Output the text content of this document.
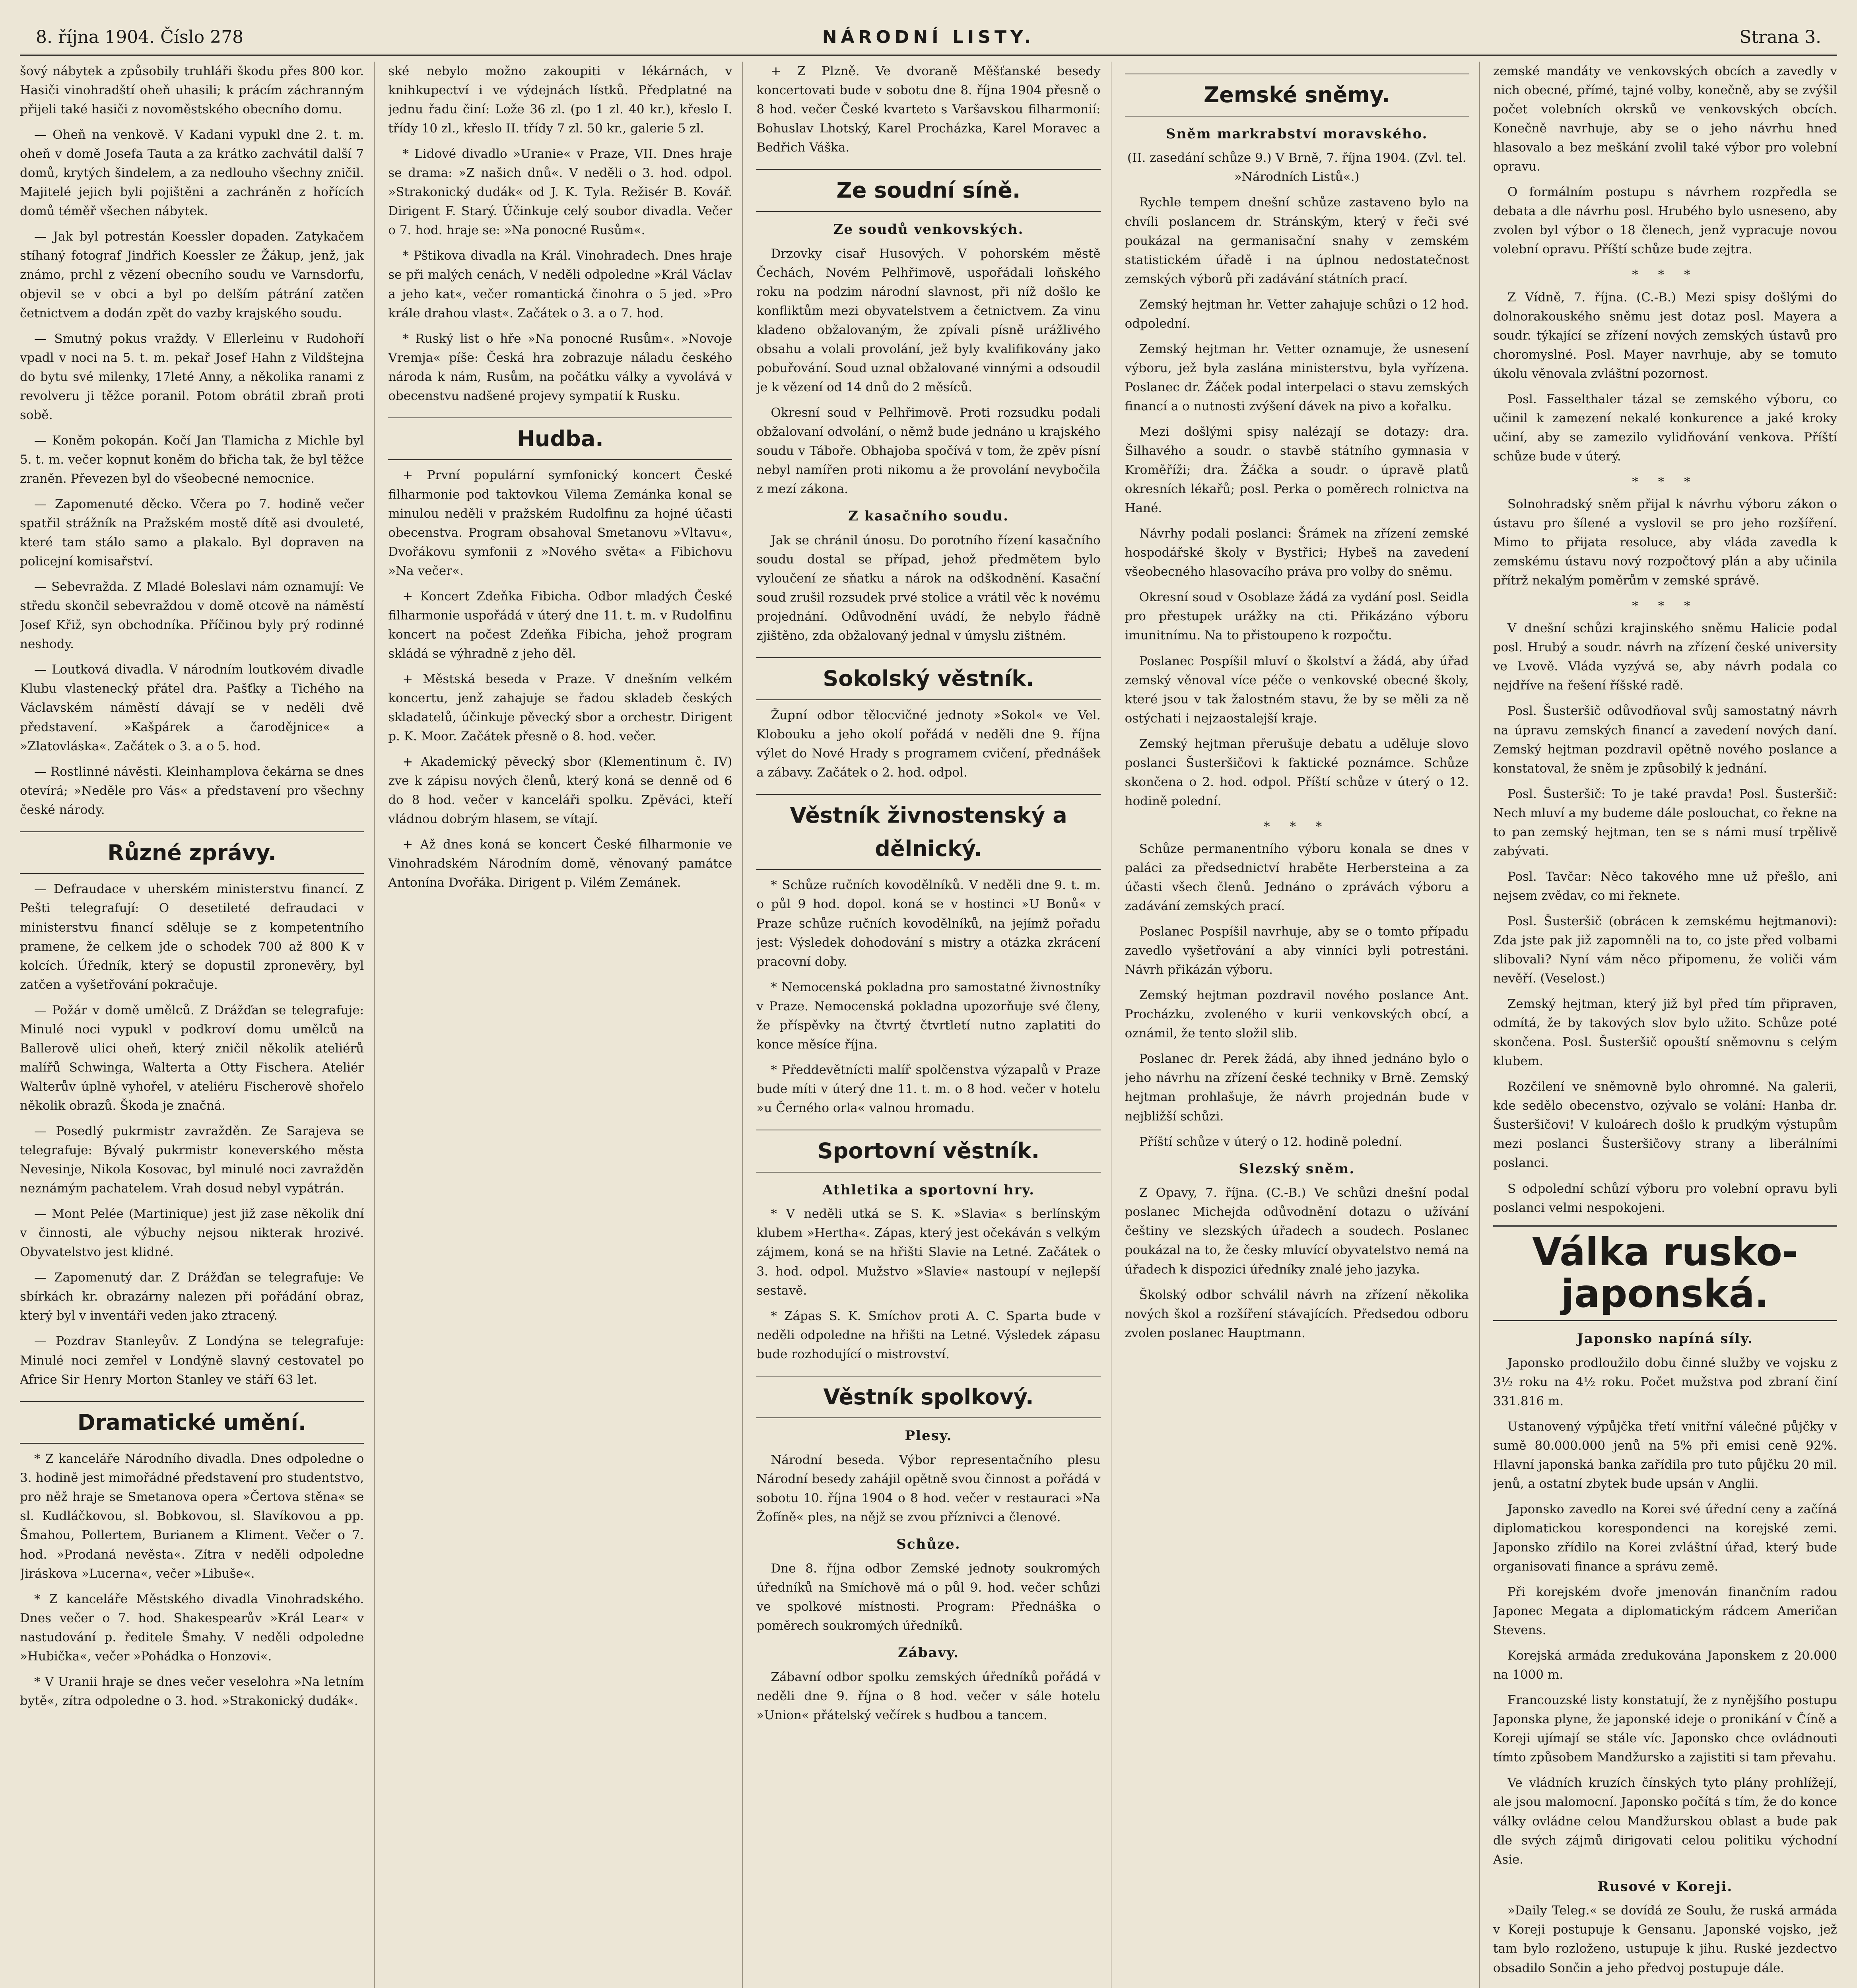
8. října 1904. Číslo 278	NÁRODNÍ LISTY.	Strana 3.

šový nábytek a způsobily truhláři škodu přes 800 kor. Hasiči vinohradští oheň uhasili; k prácím záchranným přijeli také hasiči z novoměstského obecního domu.

— Oheň na venkově. V Kadani vypukl dne 2. t. m. oheň v domě Josefa Tauta a za krátko zachvátil další 7 domů, krytých šindelem, a za nedlouho všechny zničil. Majitelé jejich byli pojištěni a zachráněn z hořících domů téměř všechen nábytek.

— Jak byl potrestán Koessler dopaden. Zatykačem stíhaný fotograf Jindřich Koessler ze Žákup, jenž, jak známo, prchl z vězení obecního soudu ve Varnsdorfu, objevil se v obci a byl po delším pátrání zatčen četnictvem a dodán zpět do vazby krajského soudu.

— Smutný pokus vraždy. V Ellerleinu v Rudohoří vpadl v noci na 5. t. m. pekař Josef Hahn z Vildštejna do bytu své milenky, 17leté Anny, a několika ranami z revolveru ji těžce poranil. Potom obrátil zbraň proti sobě.

— Koněm pokopán. Kočí Jan Tlamicha z Michle byl 5. t. m. večer kopnut koněm do břicha tak, že byl těžce zraněn. Převezen byl do všeobecné nemocnice.

— Zapomenuté děcko. Včera po 7. hodině večer spatřil strážník na Pražském mostě dítě asi dvouleté, které tam stálo samo a plakalo. Byl dopraven na policejní komisařství.

— Sebevražda. Z Mladé Boleslavi nám oznamují: Ve středu skončil sebevraždou v domě otcově na náměstí Josef Křiž, syn obchodníka. Příčinou byly prý rodinné neshody.

— Loutková divadla. V národním loutkovém divadle Klubu vlastenecký přátel dra. Pašťky a Tichého na Václavském náměstí dávají se v neděli dvě představení. »Kašpárek a čarodějnice« a »Zlatovláska«. Začátek o 3. a o 5. hod.

— Rostlinné návěsti. Kleinhamplova čekárna se dnes otevírá; »Neděle pro Vás« a představení pro všechny české národy.

Různé zprávy.

— Defraudace v uherském ministerstvu financí. Z Pešti telegrafují: O desetileté defraudaci v ministerstvu financí sděluje se z kompetentního pramene, že celkem jde o schodek 700 až 800 K v kolcích. Úředník, který se dopustil zpronevěry, byl zatčen a vyšetřování pokračuje.

— Požár v domě umělců. Z Drážďan se telegrafuje: Minulé noci vypukl v podkroví domu umělců na Ballerově ulici oheň, který zničil několik ateliérů malířů Schwinga, Walterta a Otty Fischera. Ateliér Walterův úplně vyhořel, v ateliéru Fischerově shořelo několik obrazů. Škoda je značná.

— Posedlý pukrmistr zavražděn. Ze Sarajeva se telegrafuje: Bývalý pukrmistr koneverského města Nevesinje, Nikola Kosovac, byl minulé noci zavražděn neznámým pachatelem. Vrah dosud nebyl vypátrán.

— Mont Pelée (Martinique) jest již zase několik dní v činnosti, ale výbuchy nejsou nikterak hrozivé. Obyvatelstvo jest klidné.

— Zapomenutý dar. Z Drážďan se telegrafuje: Ve sbírkách kr. obrazárny nalezen při pořádání obraz, který byl v inventáři veden jako ztracený.

— Pozdrav Stanleyův. Z Londýna se telegrafuje: Minulé noci zemřel v Londýně slavný cestovatel po Africe Sir Henry Morton Stanley ve stáří 63 let.

Dramatické umění.

* Z kanceláře Národního divadla. Dnes odpoledne o 3. hodině jest mimořádné představení pro studentstvo, pro něž hraje se Smetanova opera »Čertova stěna« se sl. Kudláčkovou, sl. Bobkovou, sl. Slavíkovou a pp. Šmahou, Pollertem, Burianem a Kliment. Večer o 7. hod. »Prodaná nevěsta«. Zítra v neděli odpoledne Jiráskova »Lucerna«, večer »Libuše«.

* Z kanceláře Městského divadla Vinohradského. Dnes večer o 7. hod. Shakespearův »Král Lear« v nastudování p. ředitele Šmahy. V neděli odpoledne »Hubička«, večer »Pohádka o Honzovi«.

* V Uranii hraje se dnes večer veselohra »Na letním bytě«, zítra odpoledne o 3. hod. »Strakonický dudák«.

ské nebylo možno zakoupiti v lékárnách, v knihkupectví i ve výdejnách lístků. Předplatné na jednu řadu činí: Lože 36 zl. (po 1 zl. 40 kr.), křeslo I. třídy 10 zl., křeslo II. třídy 7 zl. 50 kr., galerie 5 zl.

* Lidové divadlo »Uranie« v Praze, VII. Dnes hraje se drama: »Z našich dnů«. V neděli o 3. hod. odpol. »Strakonický dudák« od J. K. Tyla. Režisér B. Kovář. Dirigent F. Starý. Účinkuje celý soubor divadla. Večer o 7. hod. hraje se: »Na ponocné Rusům«.

* Pštikova divadla na Král. Vinohradech. Dnes hraje se při malých cenách, V neděli odpoledne »Král Václav a jeho kat«, večer romantická činohra o 5 jed. »Pro krále drahou vlast«. Začátek o 3. a o 7. hod.

* Ruský list o hře »Na ponocné Rusům«. »Novoje Vremja« píše: Česká hra zobrazuje náladu českého národa k nám, Rusům, na počátku války a vyvolává v obecenstvu nadšené projevy sympatií k Rusku.

Hudba.

+ První populární symfonický koncert České filharmonie pod taktovkou Vilema Zemánka konal se minulou neděli v pražském Rudolfinu za hojné účasti obecenstva. Program obsahoval Smetanovu »Vltavu«, Dvořákovu symfonii z »Nového světa« a Fibichovu »Na večer«.

+ Koncert Zdeňka Fibicha. Odbor mladých České filharmonie uspořádá v úterý dne 11. t. m. v Rudolfinu koncert na počest Zdeňka Fibicha, jehož program skládá se výhradně z jeho děl.

+ Městská beseda v Praze. V dnešním velkém koncertu, jenž zahajuje se řadou skladeb českých skladatelů, účinkuje pěvecký sbor a orchestr. Dirigent p. K. Moor. Začátek přesně o 8. hod. večer.

+ Akademický pěvecký sbor (Klementinum č. IV) zve k zápisu nových členů, který koná se denně od 6 do 8 hod. večer v kanceláři spolku. Zpěváci, kteří vládnou dobrým hlasem, se vítají.

+ Až dnes koná se koncert České filharmonie ve Vinohradském Národním domě, věnovaný památce Antonína Dvořáka. Dirigent p. Vilém Zemánek.

+ Z Plzně. Ve dvoraně Měšťanské besedy koncertovati bude v sobotu dne 8. října 1904 přesně o 8 hod. večer České kvarteto s Varšavskou filharmonií: Bohuslav Lhotský, Karel Procházka, Karel Moravec a Bedřich Váška.

Ze soudní síně.
Ze soudů venkovských.

Drzovky cisař Husových. V pohorském městě Čechách, Novém Pelhřimově, uspořádali loňského roku na podzim národní slavnost, při níž došlo ke konfliktům mezi obyvatelstvem a četnictvem. Za vinu kladeno obžalovaným, že zpívali písně urážlivého obsahu a volali provolání, jež byly kvalifikovány jako pobuřování. Soud uznal obžalované vinnými a odsoudil je k vězení od 14 dnů do 2 měsíců.

Okresní soud v Pelhřimově. Proti rozsudku podali obžalovaní odvolání, o němž bude jednáno u krajského soudu v Táboře. Obhajoba spočívá v tom, že zpěv písní nebyl namířen proti nikomu a že provolání nevybočila z mezí zákona.

Z kasačního soudu.

Jak se chránil únosu. Do porotního řízení kasačního soudu dostal se případ, jehož předmětem bylo vyloučení ze sňatku a nárok na odškodnění. Kasační soud zrušil rozsudek prvé stolice a vrátil věc k novému projednání. Odůvodnění uvádí, že nebylo řádně zjištěno, zda obžalovaný jednal v úmyslu zištném.

Sokolský věstník.

Župní odbor tělocvičné jednoty »Sokol« ve Vel. Klobouku a jeho okolí pořádá v neděli dne 9. října výlet do Nové Hrady s programem cvičení, přednášek a zábavy. Začátek o 2. hod. odpol.

Věstník živnostenský a dělnický.

* Schůze ručních kovodělníků. V neděli dne 9. t. m. o půl 9 hod. dopol. koná se v hostinci »U Bonů« v Praze schůze ručních kovodělníků, na jejímž pořadu jest: Výsledek dohodování s mistry a otázka zkrácení pracovní doby.

* Nemocenská pokladna pro samostatné živnostníky v Praze. Nemocenská pokladna upozorňuje své členy, že příspěvky na čtvrtý čtvrtletí nutno zaplatiti do konce měsíce října.

* Předdevětnícti malíř spolčenstva výzapalů v Praze bude míti v úterý dne 11. t. m. o 8 hod. večer v hotelu »u Černého orla« valnou hromadu.

Sportovní věstník.
Athletika a sportovní hry.

* V neděli utká se S. K. »Slavia« s berlínským klubem »Hertha«. Zápas, který jest očekáván s velkým zájmem, koná se na hřišti Slavie na Letné. Začátek o 3. hod. odpol. Mužstvo »Slavie« nastoupí v nejlepší sestavě.

* Zápas S. K. Smíchov proti A. C. Sparta bude v neděli odpoledne na hřišti na Letné. Výsledek zápasu bude rozhodující o mistrovství.

Věstník spolkový.
Plesy.

Národní beseda. Výbor representačního plesu Národní besedy zahájil opětně svou činnost a pořádá v sobotu 10. října 1904 o 8 hod. večer v restauraci »Na Žofíně« ples, na nějž se zvou příznivci a členové.

Schůze.

Dne 8. října odbor Zemské jednoty soukromých úředníků na Smíchově má o půl 9. hod. večer schůzi ve spolkové místnosti. Program: Přednáška o poměrech soukromých úředníků.

Zábavy.

Zábavní odbor spolku zemských úředníků pořádá v neděli dne 9. října o 8 hod. večer v sále hotelu »Union« přátelský večírek s hudbou a tancem.

Zemské sněmy.
Sněm markrabství moravského.

(II. zasedání schůze 9.) V Brně, 7. října 1904. (Zvl. tel. »Národních Listů«.)

Rychle tempem dnešní schůze zastaveno bylo na chvíli poslancem dr. Stránským, který v řeči své poukázal na germanisační snahy v zemském statistickém úřadě i na úplnou nedostatečnost zemských výborů při zadávání státních prací.

Zemský hejtman hr. Vetter zahajuje schůzi o 12 hod. odpolední.

Zemský hejtman hr. Vetter oznamuje, že usnesení výboru, jež byla zaslána ministerstvu, byla vyřízena. Poslanec dr. Žáček podal interpelaci o stavu zemských financí a o nutnosti zvýšení dávek na pivo a kořalku.

Mezi došlými spisy nalézají se dotazy: dra. Šilhavého a soudr. o stavbě státního gymnasia v Kroměříži; dra. Žáčka a soudr. o úpravě platů okresních lékařů; posl. Perka o poměrech rolnictva na Hané.

Návrhy podali poslanci: Šrámek na zřízení zemské hospodářské školy v Bystřici; Hybeš na zavedení všeobecného hlasovacího práva pro volby do sněmu.

Okresní soud v Osoblaze žádá za vydání posl. Seidla pro přestupek urážky na cti. Přikázáno výboru imunitnímu. Na to přistoupeno k rozpočtu.

Poslanec Pospíšil mluví o školství a žádá, aby úřad zemský věnoval více péče o venkovské obecné školy, které jsou v tak žalostném stavu, že by se měli za ně ostýchati i nejzaostalejší kraje.

Zemský hejtman přerušuje debatu a uděluje slovo poslanci Šusteršičovi k faktické poznámce. Schůze skončena o 2. hod. odpol. Příští schůze v úterý o 12. hodině polední.

* * *

Schůze permanentního výboru konala se dnes v paláci za předsednictví hraběte Herbersteina a za účasti všech členů. Jednáno o zprávách výboru a zadávání zemských prací.

Poslanec Pospíšil navrhuje, aby se o tomto případu zavedlo vyšetřování a aby vinníci byli potrestáni. Návrh přikázán výboru.

Zemský hejtman pozdravil nového poslance Ant. Procházku, zvoleného v kurii venkovských obcí, a oznámil, že tento složil slib.

Poslanec dr. Perek žádá, aby ihned jednáno bylo o jeho návrhu na zřízení české techniky v Brně. Zemský hejtman prohlašuje, že návrh projednán bude v nejbližší schůzi.

Příští schůze v úterý o 12. hodině polední.

Slezský sněm.

Z Opavy, 7. října. (C.-B.) Ve schůzi dnešní podal poslanec Michejda odůvodnění dotazu o užívání češtiny ve slezských úřadech a soudech. Poslanec poukázal na to, že česky mluvící obyvatelstvo nemá na úřadech k dispozici úředníky znalé jeho jazyka.

Školský odbor schválil návrh na zřízení několika nových škol a rozšíření stávajících. Předsedou odboru zvolen poslanec Hauptmann.

zemské mandáty ve venkovských obcích a zavedly v nich obecné, přímé, tajné volby, konečně, aby se zvýšil počet volebních okrsků ve venkovských obcích. Konečně navrhuje, aby se o jeho návrhu hned hlasovalo a bez meškání zvolil také výbor pro volební opravu.

O formálním postupu s návrhem rozpředla se debata a dle návrhu posl. Hrubého bylo usneseno, aby zvolen byl výbor o 18 členech, jenž vypracuje novou volební opravu. Příští schůze bude zejtra.

* * *

Z Vídně, 7. října. (C.-B.) Mezi spisy došlými do dolnorakouského sněmu jest dotaz posl. Mayera a soudr. týkající se zřízení nových zemských ústavů pro choromyslné. Posl. Mayer navrhuje, aby se tomuto úkolu věnovala zvláštní pozornost.

Posl. Fasselthaler tázal se zemského výboru, co učinil k zamezení nekalé konkurence a jaké kroky učiní, aby se zamezilo vylidňování venkova. Příští schůze bude v úterý.

* * *

Solnohradský sněm přijal k návrhu výboru zákon o ústavu pro šílené a vyslovil se pro jeho rozšíření. Mimo to přijata resoluce, aby vláda zavedla k zemskému ústavu nový rozpočtový plán a aby učinila přítrž nekalým poměrům v zemské správě.

* * *

V dnešní schůzi krajinského sněmu Halicie podal posl. Hrubý a soudr. návrh na zřízení české university ve Lvově. Vláda vyzývá se, aby návrh podala co nejdříve na řešení říšské radě.

Posl. Šusteršič odůvodňoval svůj samostatný návrh na úpravu zemských financí a zavedení nových daní. Zemský hejtman pozdravil opětně nového poslance a konstatoval, že sněm je způsobilý k jednání.

Posl. Šusteršič: To je také pravda! Posl. Šusteršič: Nech mluví a my budeme dále poslouchat, co řekne na to pan zemský hejtman, ten se s námi musí trpělivě zabývati.

Posl. Tavčar: Něco takového mne už přešlo, ani nejsem zvědav, co mi řeknete.

Posl. Šusteršič (obrácen k zemskému hejtmanovi): Zda jste pak již zapomněli na to, co jste před volbami slibovali? Nyní vám něco připomenu, že voliči vám nevěří. (Veselost.)

Zemský hejtman, který již byl před tím připraven, odmítá, že by takových slov bylo užito. Schůze poté skončena. Posl. Šusteršič opouští sněmovnu s celým klubem.

Rozčilení ve sněmovně bylo ohromné. Na galerii, kde sedělo obecenstvo, ozývalo se volání: Hanba dr. Šusteršičovi! V kuloárech došlo k prudkým výstupům mezi poslanci Šusteršičovy strany a liberálními poslanci.

S odpolední schůzí výboru pro volební opravu byli poslanci velmi nespokojeni.

Válka rusko-japonská.
Japonsko napíná síly.

Japonsko prodloužilo dobu činné služby ve vojsku z 3½ roku na 4½ roku. Počet mužstva pod zbraní činí 331.816 m.

Ustanovený výpůjčka třetí vnitřní válečné půjčky v sumě 80.000.000 jenů na 5% při emisi ceně 92%. Hlavní japonská banka zařídila pro tuto půjčku 20 mil. jenů, a ostatní zbytek bude upsán v Anglii.

Japonsko zavedlo na Korei své úřední ceny a začíná diplomatickou korespondenci na korejské zemi. Japonsko zřídilo na Korei zvláštní úřad, který bude organisovati finance a správu země.

Při korejském dvoře jmenován finančním radou Japonec Megata a diplomatickým rádcem Američan Stevens.

Korejská armáda zredukována Japonskem z 20.000 na 1000 m.

Francouzské listy konstatují, že z nynějšího postupu Japonska plyne, že japonské ideje o pronikání v Číně a Koreji ujímají se stále víc. Japonsko chce ovládnouti tímto způsobem Mandžursko a zajistiti si tam převahu.

Ve vládních kruzích čínských tyto plány prohlížejí, ale jsou malomocní. Japonsko počítá s tím, že do konce války ovládne celou Mandžurskou oblast a bude pak dle svých zájmů dirigovati celou politiku východní Asie.

Rusové v Koreji.

»Daily Teleg.« se dovídá ze Soulu, že ruská armáda v Koreji postupuje k Gensanu. Japonské vojsko, jež tam bylo rozloženo, ustupuje k jihu. Ruské jezdectvo obsadilo Sončin a jeho předvoj postupuje dále.
